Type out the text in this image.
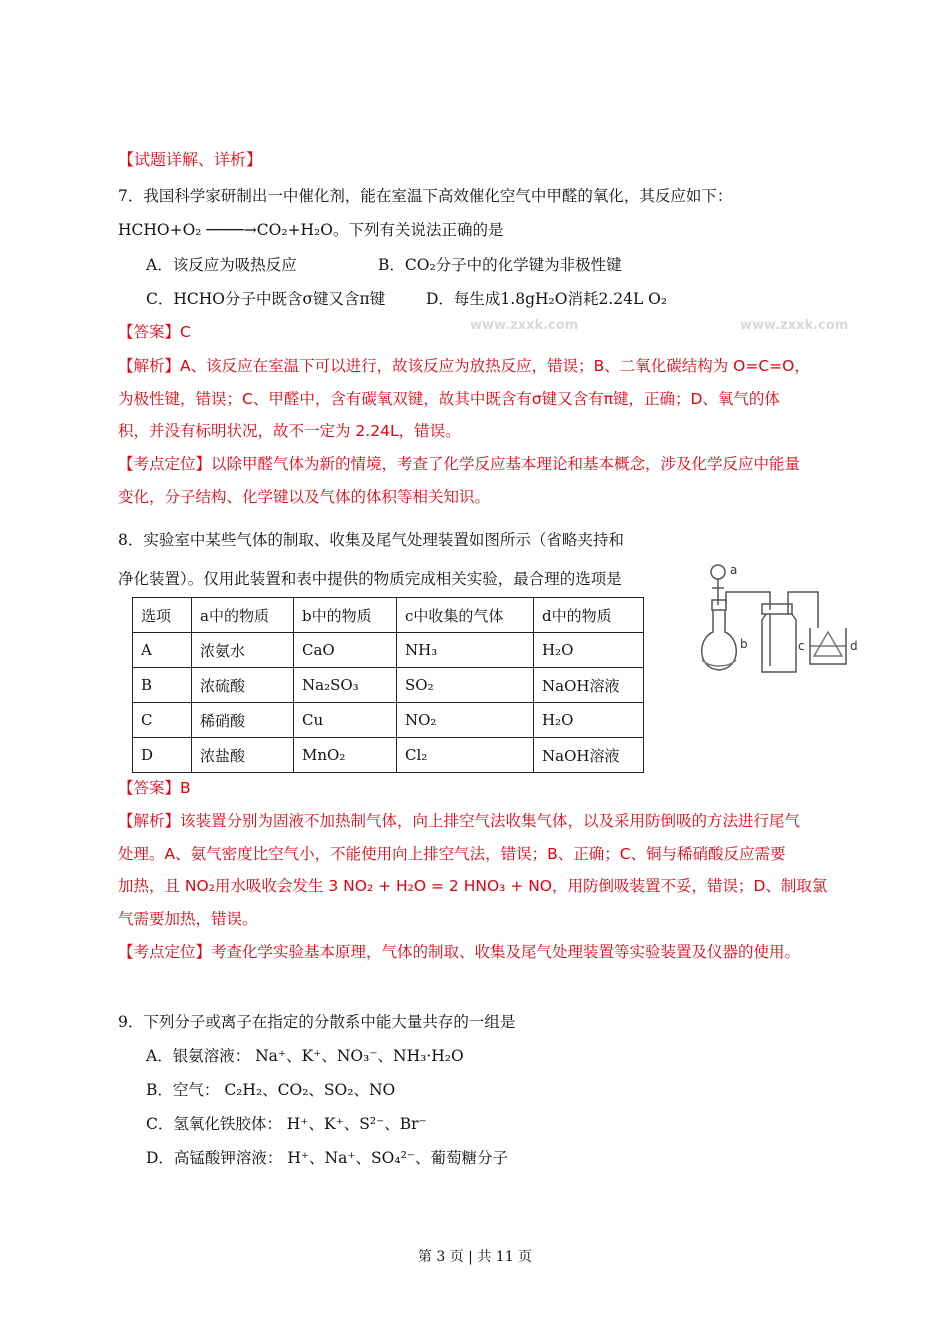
www.zxxk.com	www.zxxk.com
【试题详解、详析】
7．我国科学家研制出一中催化剂，能在室温下高效催化空气中甲醛的氧化，其反应如下：
HCHO+O₂ ────→CO₂+H₂O。下列有关说法正确的是
A．该反应为吸热反应	B．CO₂分子中的化学键为非极性键
C．HCHO分子中既含σ键又含π键	D．每生成1.8gH₂O消耗2.24L O₂
【答案】C
【解析】A、该反应在室温下可以进行，故该反应为放热反应，错误；B、二氧化碳结构为 O=C=O，
为极性键，错误；C、甲醛中，含有碳氧双键，故其中既含有σ键又含有π键，正确；D、氧气的体
积，并没有标明状况，故不一定为 2.24L，错误。
【考点定位】以除甲醛气体为新的情境，考查了化学反应基本理论和基本概念，涉及化学反应中能量
变化，分子结构、化学键以及气体的体积等相关知识。
8．实验室中某些气体的制取、收集及尾气处理装置如图所示（省略夹持和
净化装置）。仅用此装置和表中提供的物质完成相关实验，最合理的选项是
选项	a中的物质	b中的物质	c中收集的气体	d中的物质
A	浓氨水	CaO	NH₃	H₂O
B	浓硫酸	Na₂SO₃	SO₂	NaOH溶液
C	稀硝酸	Cu	NO₂	H₂O
D	浓盐酸	MnO₂	Cl₂	NaOH溶液
a
b	c	d
【答案】B
【解析】该装置分别为固液不加热制气体，向上排空气法收集气体，以及采用防倒吸的方法进行尾气
处理。A、氨气密度比空气小，不能使用向上排空气法，错误；B、正确；C、铜与稀硝酸反应需要
加热，且 NO₂用水吸收会发生 3 NO₂ + H₂O = 2 HNO₃ + NO，用防倒吸装置不妥，错误；D、制取氯
气需要加热，错误。
【考点定位】考查化学实验基本原理，气体的制取、收集及尾气处理装置等实验装置及仪器的使用。
9．下列分子或离子在指定的分散系中能大量共存的一组是
A．银氨溶液： Na⁺、K⁺、NO₃⁻、NH₃·H₂O
B．空气： C₂H₂、CO₂、SO₂、NO
C．氢氧化铁胶体： H⁺、K⁺、S²⁻、Br⁻
D．高锰酸钾溶液： H⁺、Na⁺、SO₄²⁻、葡萄糖分子
第 3 页 | 共 11 页
